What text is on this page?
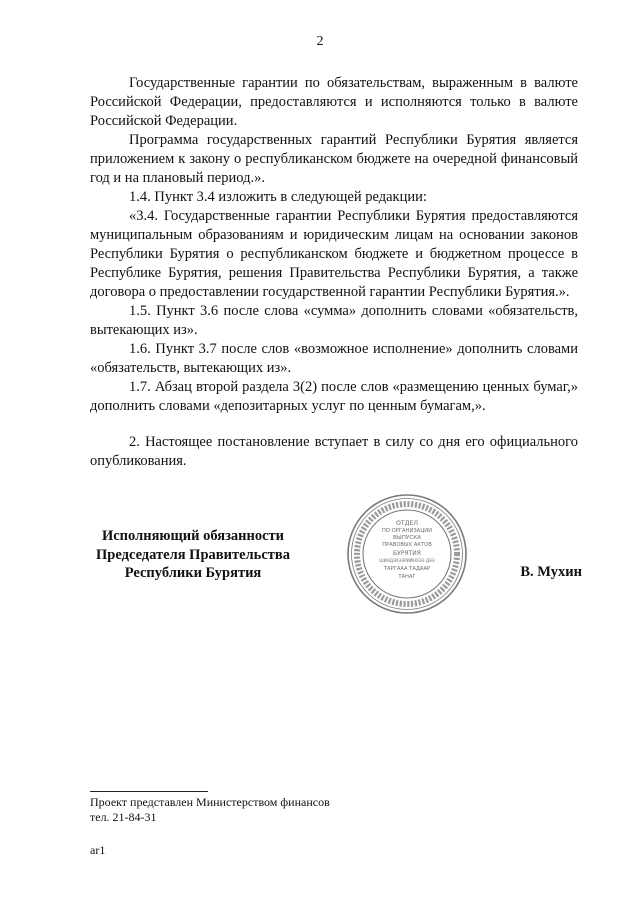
2

Государственные гарантии по обязательствам, выраженным в валюте Российской Федерации, предоставляются и исполняются только в валюте Российской Федерации.

Программа государственных гарантий Республики Бурятия является приложением к закону о республиканском бюджете на очередной финансовый год и на плановый период.».

1.4. Пункт 3.4 изложить в следующей редакции:

«3.4. Государственные гарантии Республики Бурятия предоставляются муниципальным образованиям и юридическим лицам на основании законов Республики Бурятия о республиканском бюджете и бюджетном процессе в Республике Бурятия, решения Правительства Республики Бурятия, а также договора о предоставлении государственной гарантии Республики Бурятия.».

1.5. Пункт 3.6 после слова «сумма» дополнить словами «обязательств, вытекающих из».

1.6. Пункт 3.7 после слов «возможное исполнение» дополнить словами «обязательств, вытекающих из».

1.7. Абзац второй раздела 3(2) после слов «размещению ценных бумаг,» дополнить словами «депозитарных услуг по ценным бумагам,».

2. Настоящее постановление вступает в силу со дня его официального опубликования.

Исполняющий обязанности
Председателя Правительства
Республики Бурятия
ОТДЕЛ
ПО ОРГАНИЗАЦИИ
ВЫПУСКА
ПРАВОВЫХ АКТОВ
БУРЯТИЯ
ШИНДЭХЭЭРИЙНХЭЭ ДЭЭ
ТАРГААА ТАДААР
ТАНАГ	В. Мухин
Проект представлен Министерством финансов
тел. 21-84-31
ar1
